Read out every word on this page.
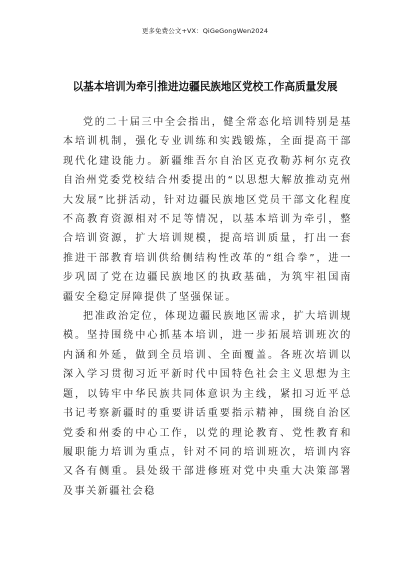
更多免费公文+VX：QiGeGongWen2024
以基本培训为牵引推进边疆民族地区党校工作高质量发展

党的二十届三中全会指出，健全常态化培训特别是基本培训机制，强化专业训练和实践锻炼，全面提高干部现代化建设能力。新疆维吾尔自治区克孜勒苏柯尔克孜自治州党委党校结合州委提出的“以思想大解放推动克州大发展”比拼活动，针对边疆民族地区党员干部文化程度不高教育资源相对不足等情况，以基本培训为牵引，整合培训资源，扩大培训规模，提高培训质量，打出一套推进干部教育培训供给侧结构性改革的“组合拳”，进一步巩固了党在边疆民族地区的执政基础，为筑牢祖国南疆安全稳定屏障提供了坚强保证。

把准政治定位，体现边疆民族地区需求，扩大培训规模。坚持围绕中心抓基本培训，进一步拓展培训班次的内涵和外延，做到全员培训、全面覆盖。各班次培训以深入学习贯彻习近平新时代中国特色社会主义思想为主题，以铸牢中华民族共同体意识为主线，紧扣习近平总书记考察新疆时的重要讲话重要指示精神，围绕自治区党委和州委的中心工作，以党的理论教育、党性教育和履职能力培训为重点，针对不同的培训班次，培训内容又各有侧重。县处级干部进修班对党中央重大决策部署及事关新疆社会稳
